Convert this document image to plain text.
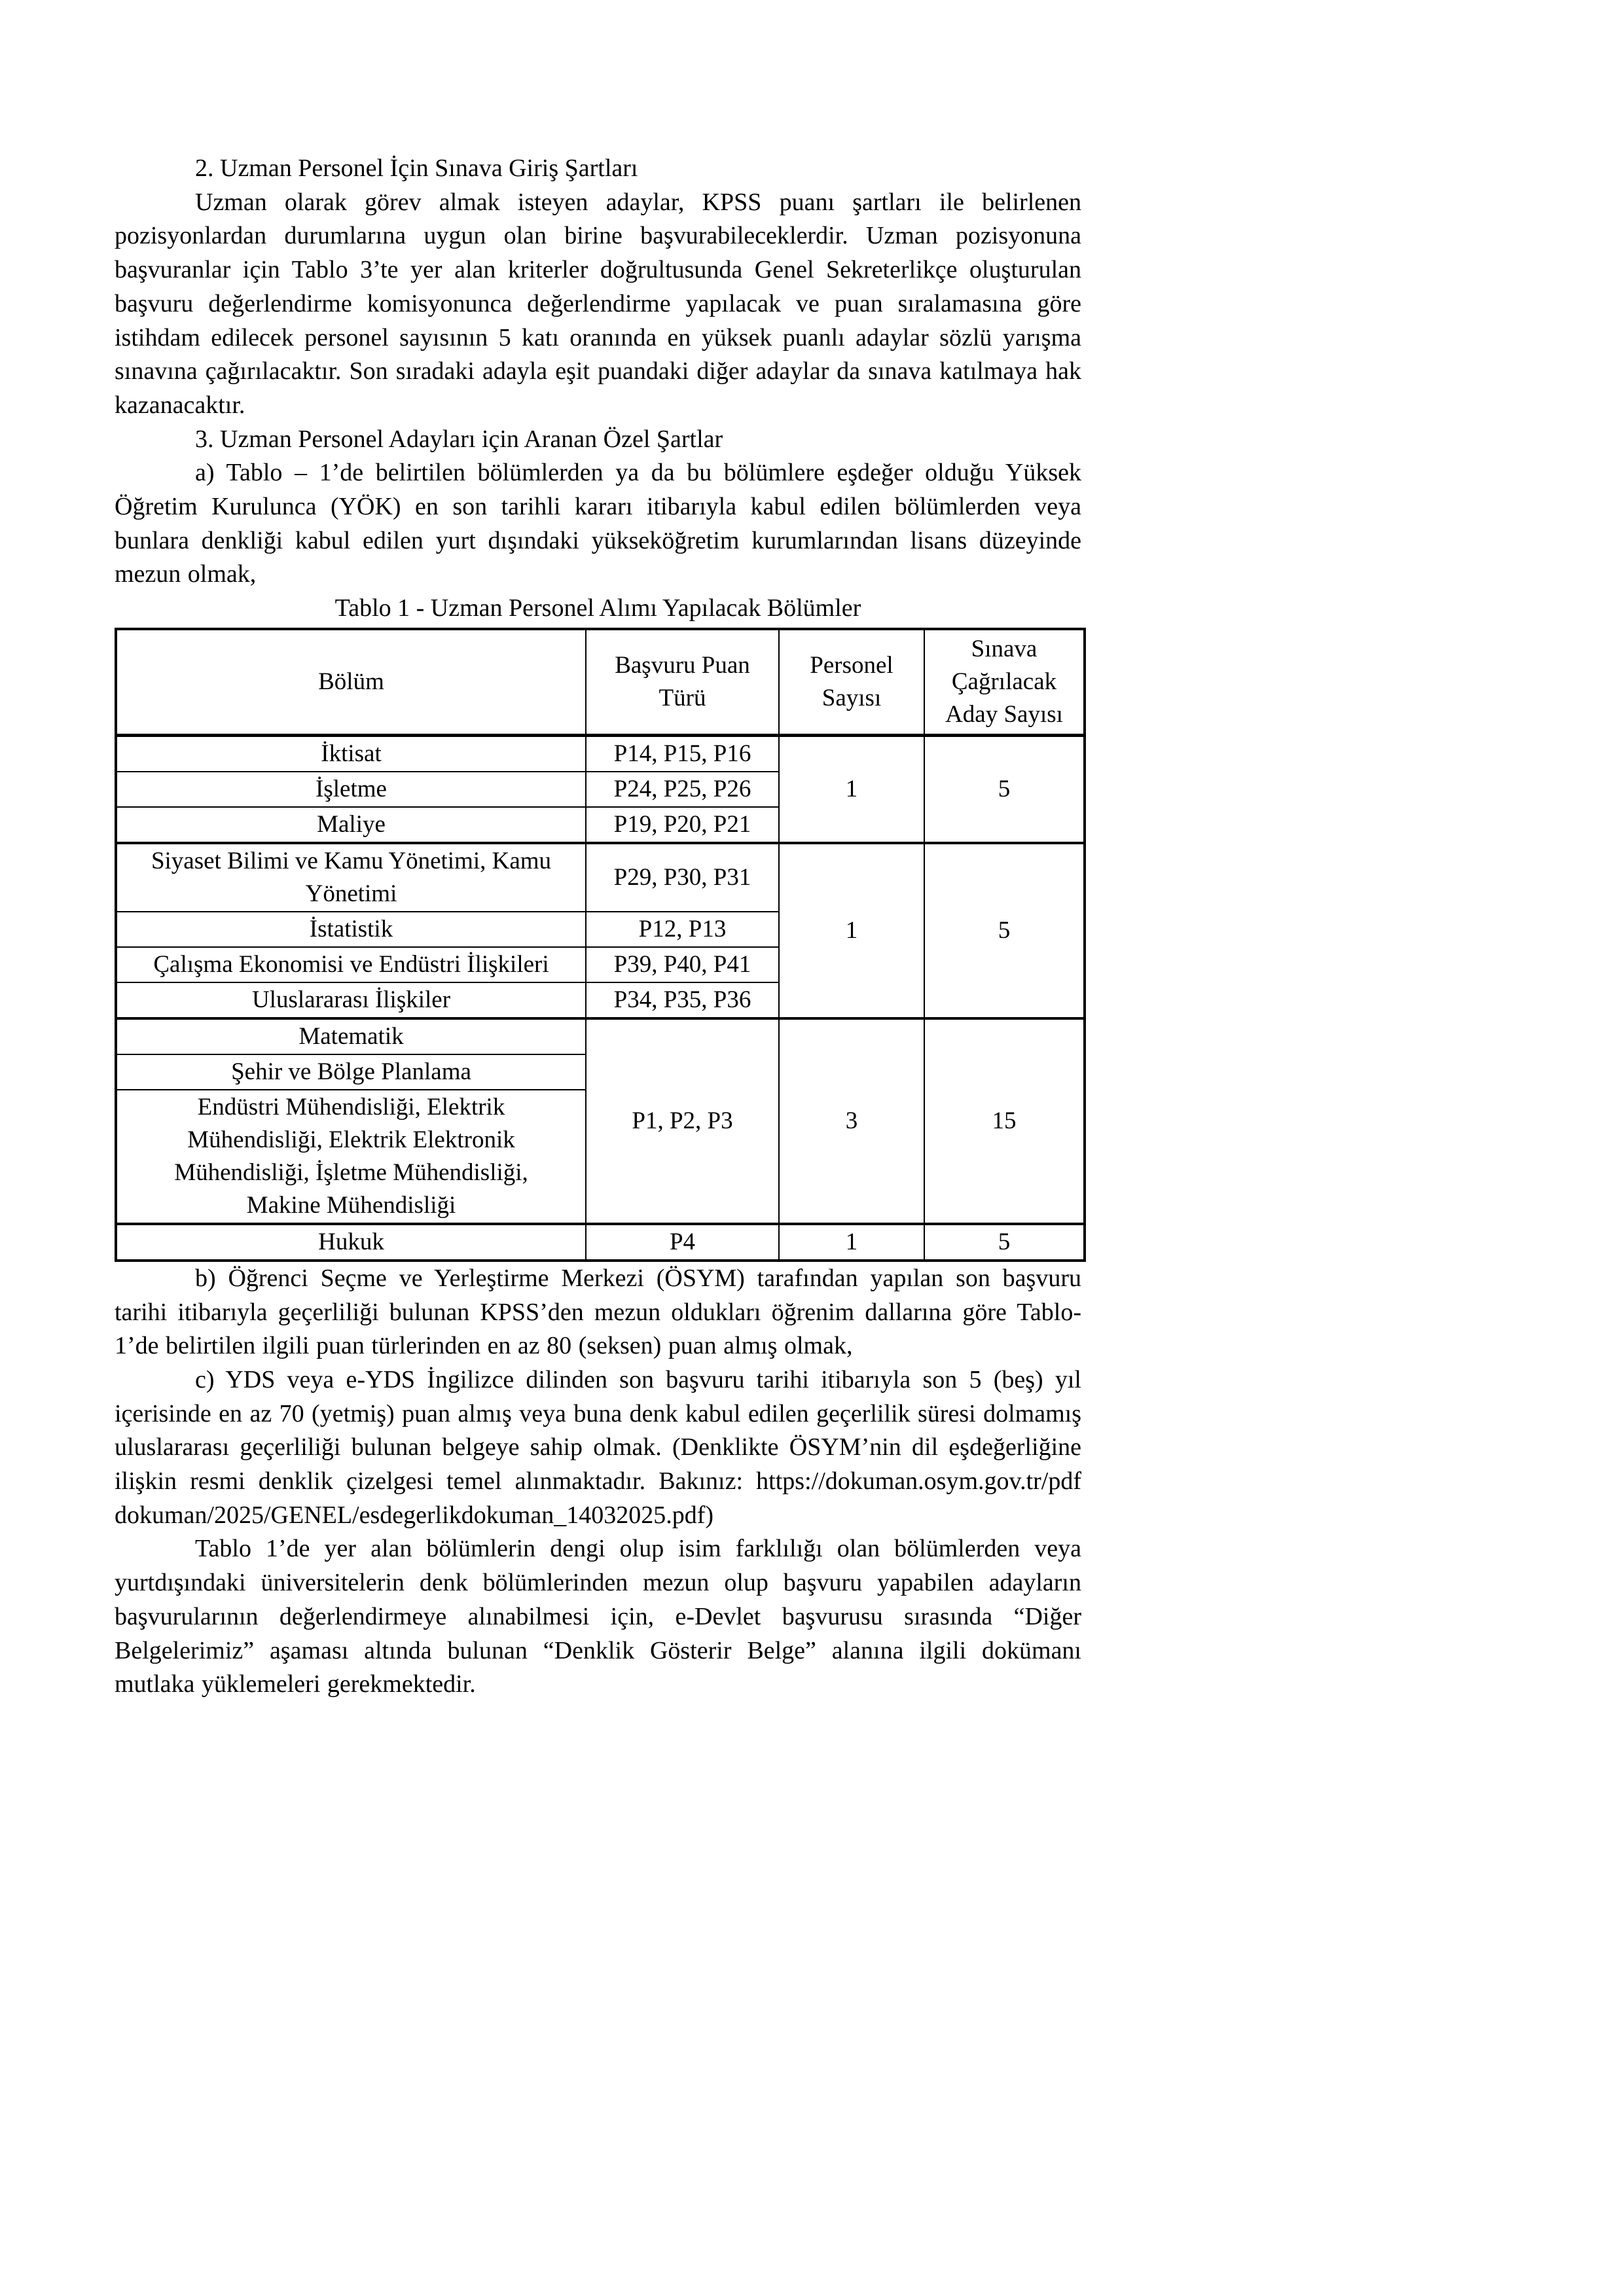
2. Uzman Personel İçin Sınava Giriş Şartları

Uzman olarak görev almak isteyen adaylar, KPSS puanı şartları ile belirlenen pozisyonlardan durumlarına uygun olan birine başvurabileceklerdir. Uzman pozisyonuna başvuranlar için Tablo 3’te yer alan kriterler doğrultusunda Genel Sekreterlikçe oluşturulan başvuru değerlendirme komisyonunca değerlendirme yapılacak ve puan sıralamasına göre istihdam edilecek personel sayısının 5 katı oranında en yüksek puanlı adaylar sözlü yarışma sınavına çağırılacaktır. Son sıradaki adayla eşit puandaki diğer adaylar da sınava katılmaya hak kazanacaktır.

3. Uzman Personel Adayları için Aranan Özel Şartlar

a) Tablo – 1’de belirtilen bölümlerden ya da bu bölümlere eşdeğer olduğu Yüksek Öğretim Kurulunca (YÖK) en son tarihli kararı itibarıyla kabul edilen bölümlerden veya bunlara denkliği kabul edilen yurt dışındaki yükseköğretim kurumlarından lisans düzeyinde mezun olmak,

Tablo 1 - Uzman Personel Alımı Yapılacak Bölümler

Bölüm	Başvuru Puan Türü	Personel Sayısı	Sınava Çağrılacak Aday Sayısı
İktisat	P14, P15, P16	1	5
İşletme	P24, P25, P26		
Maliye	P19, P20, P21		
Siyaset Bilimi ve Kamu Yönetimi, Kamu Yönetimi	P29, P30, P31	1	5
İstatistik	P12, P13		
Çalışma Ekonomisi ve Endüstri İlişkileri	P39, P40, P41		
Uluslararası İlişkiler	P34, P35, P36		
Matematik	P1, P2, P3	3	15
Şehir ve Bölge Planlama			
Endüstri Mühendisliği, Elektrik Mühendisliği, Elektrik Elektronik Mühendisliği, İşletme Mühendisliği, Makine Mühendisliği			
Hukuk	P4	1	5

b) Öğrenci Seçme ve Yerleştirme Merkezi (ÖSYM) tarafından yapılan son başvuru tarihi itibarıyla geçerliliği bulunan KPSS’den mezun oldukları öğrenim dallarına göre Tablo-1’de belirtilen ilgili puan türlerinden en az 80 (seksen) puan almış olmak,

c) YDS veya e-YDS İngilizce dilinden son başvuru tarihi itibarıyla son 5 (beş) yıl içerisinde en az 70 (yetmiş) puan almış veya buna denk kabul edilen geçerlilik süresi dolmamış uluslararası geçerliliği bulunan belgeye sahip olmak. (Denklikte ÖSYM’nin dil eşdeğerliğine ilişkin resmi denklik çizelgesi temel alınmaktadır. Bakınız: https://dokuman.osym.gov.tr/pdf dokuman/2025/GENEL/esdegerlikdokuman_14032025.pdf)

Tablo 1’de yer alan bölümlerin dengi olup isim farklılığı olan bölümlerden veya yurtdışındaki üniversitelerin denk bölümlerinden mezun olup başvuru yapabilen adayların başvurularının değerlendirmeye alınabilmesi için, e-Devlet başvurusu sırasında “Diğer Belgelerimiz” aşaması altında bulunan “Denklik Gösterir Belge” alanına ilgili dokümanı mutlaka yüklemeleri gerekmektedir.
